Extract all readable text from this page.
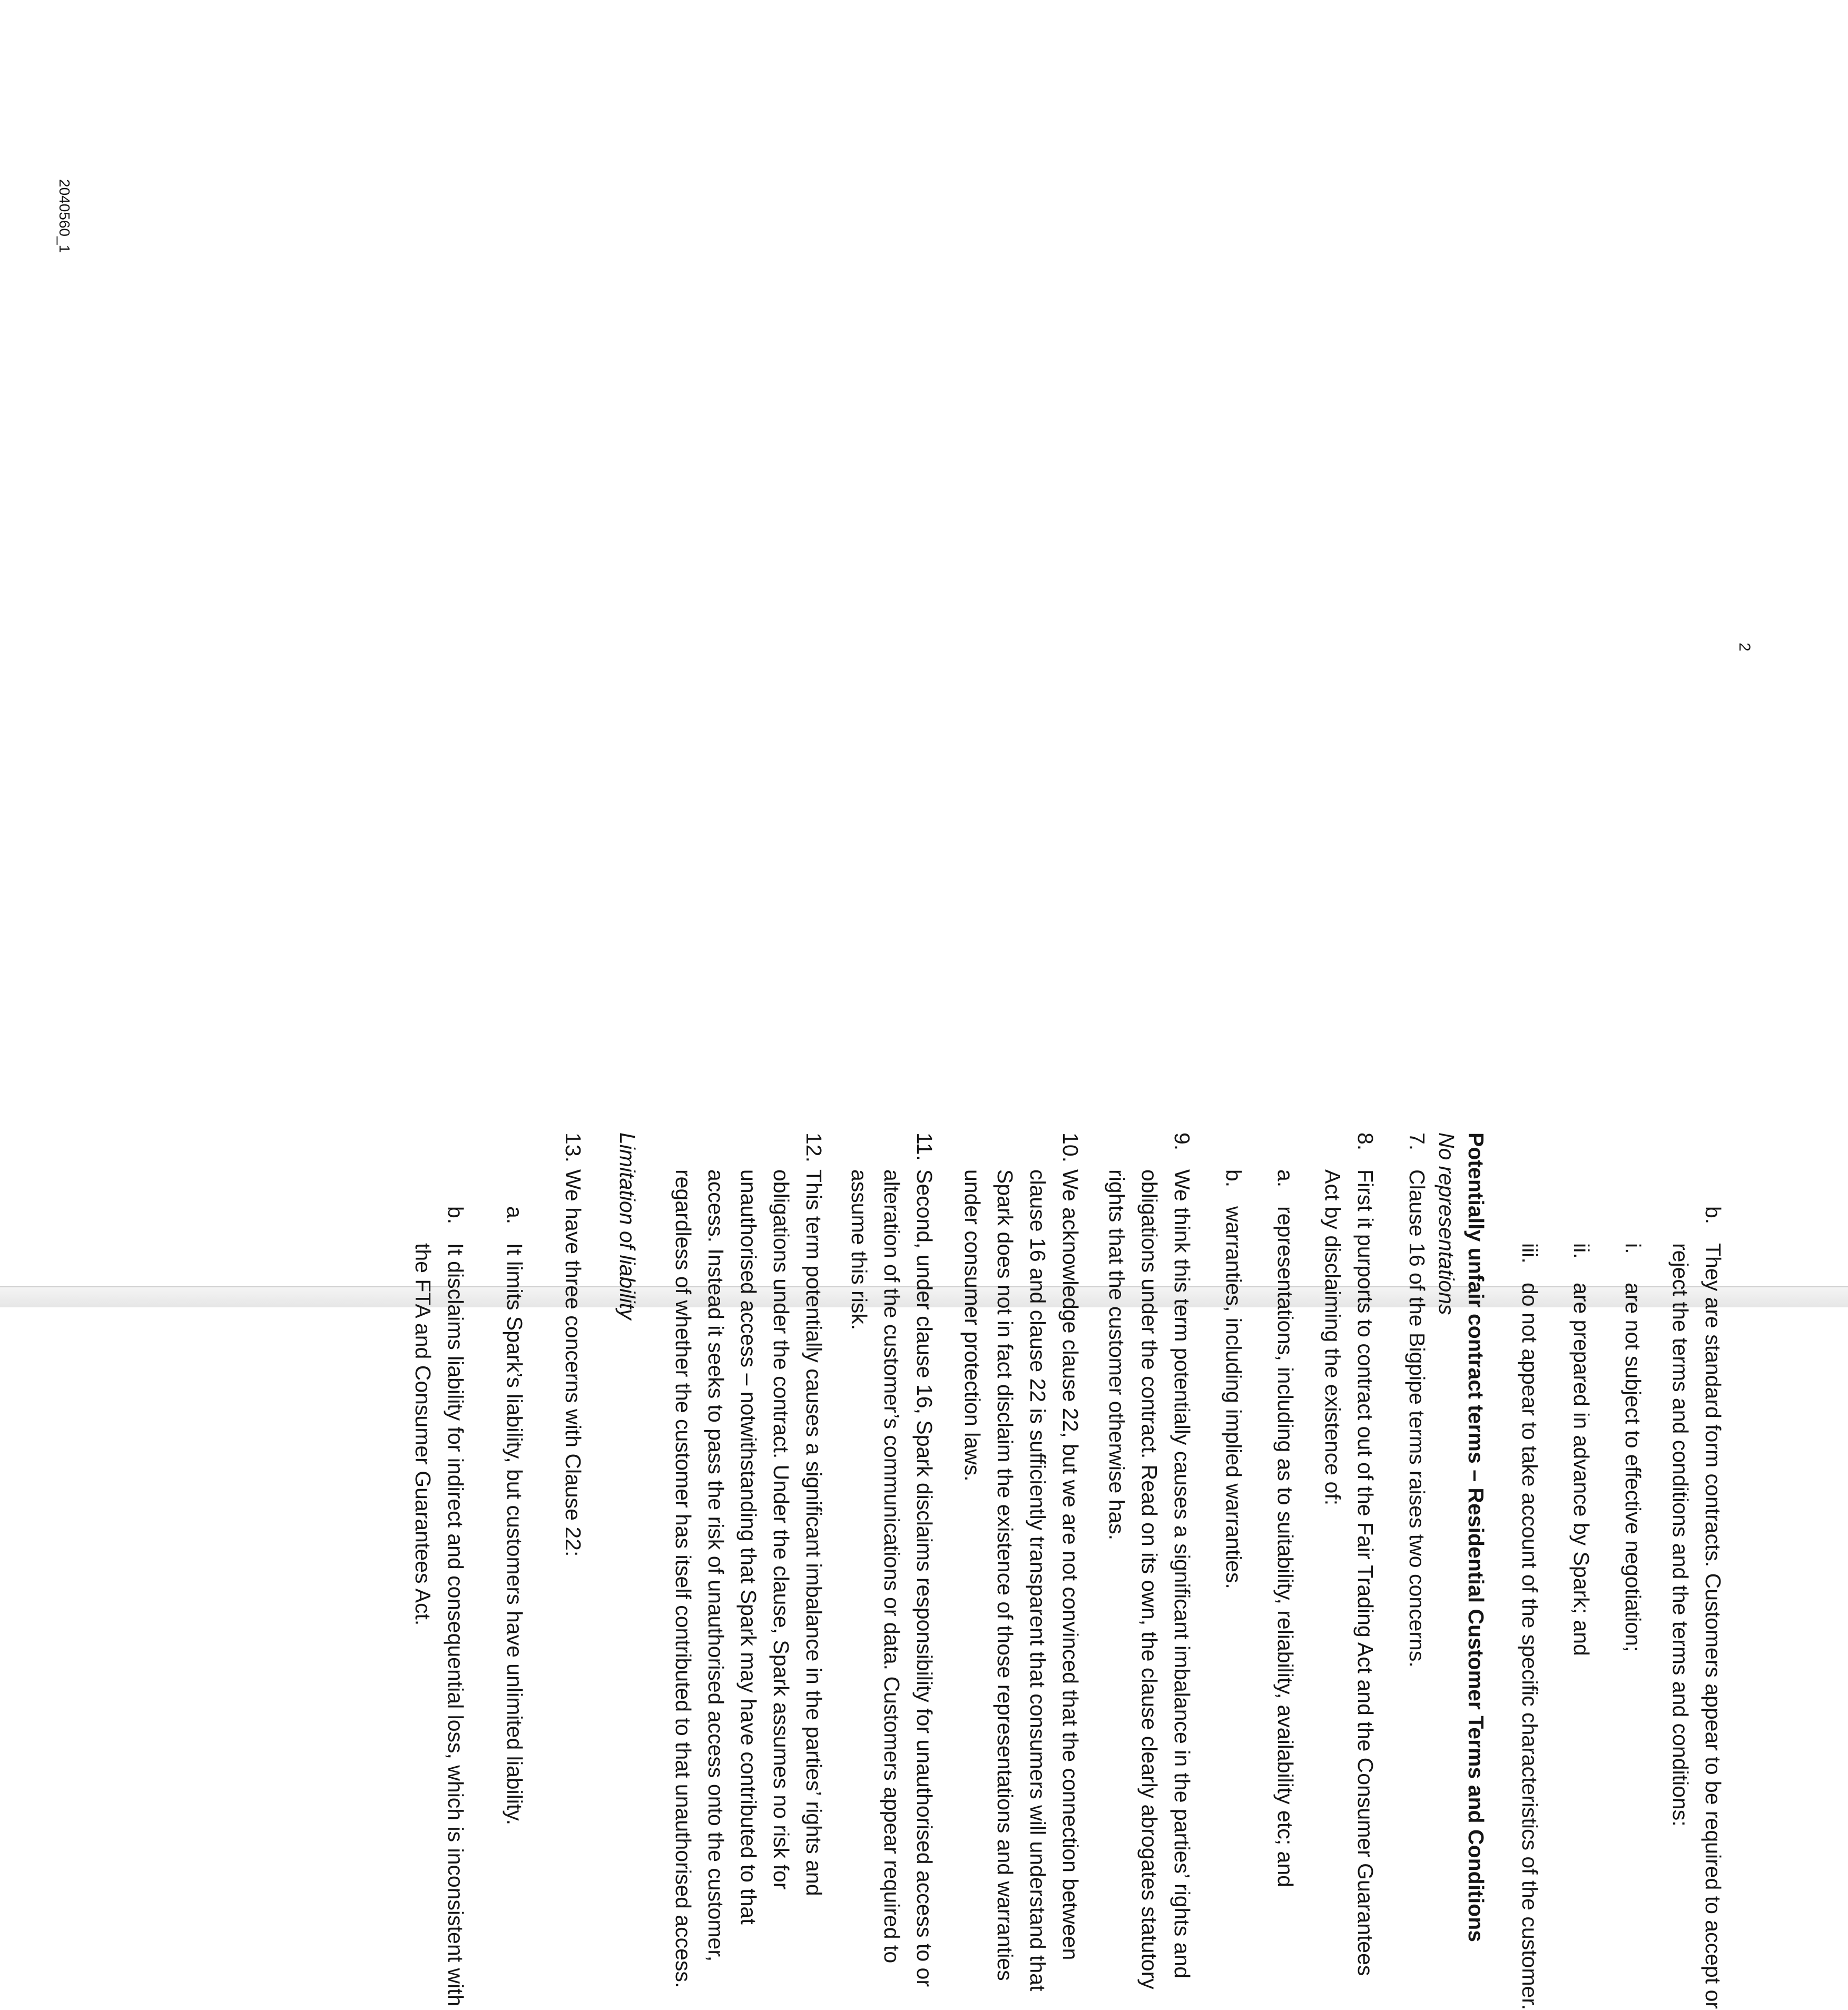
2
b.
They are standard form contracts. Customers appear to be required to accept or
reject the terms and conditions and the terms and conditions:
i.
are not subject to effective negotiation;
ii.
are prepared in advance by Spark; and
iii.
do not appear to take account of the specific characteristics of the customer.
Potentially unfair contract terms – Residential Customer Terms and Conditions
No representations
7.
Clause 16 of the Bigpipe terms raises two concerns.
8.
First it purports to contract out of the Fair Trading Act and the Consumer Guarantees
Act by disclaiming the existence of:
a.
representations, including as to suitability, reliability, availability etc; and
b.
warranties, including implied warranties.
9.
We think this term potentially causes a significant imbalance in the parties’ rights and
obligations under the contract. Read on its own, the clause clearly abrogates statutory
rights that the customer otherwise has.
10.
We acknowledge clause 22, but we are not convinced that the connection between
clause 16 and clause 22 is sufficiently transparent that consumers will understand that
Spark does not in fact disclaim the existence of those representations and warranties
under consumer protection laws.
11.
Second, under clause 16, Spark disclaims responsibility for unauthorised access to or
alteration of the customer’s communications or data. Customers appear required to
assume this risk.
12.
This term potentially causes a significant imbalance in the parties’ rights and
obligations under the contract. Under the clause, Spark assumes no risk for
unauthorised access – notwithstanding that Spark may have contributed to that
access. Instead it seeks to pass the risk of unauthorised access onto the customer,
regardless of whether the customer has itself contributed to that unauthorised access.
Limitation of liability
13.
We have three concerns with Clause 22:
a.
It limits Spark’s liability, but customers have unlimited liability.
b.
It disclaims liability for indirect and consequential loss, which is inconsistent with
the FTA and Consumer Guarantees Act.
2040560_1
